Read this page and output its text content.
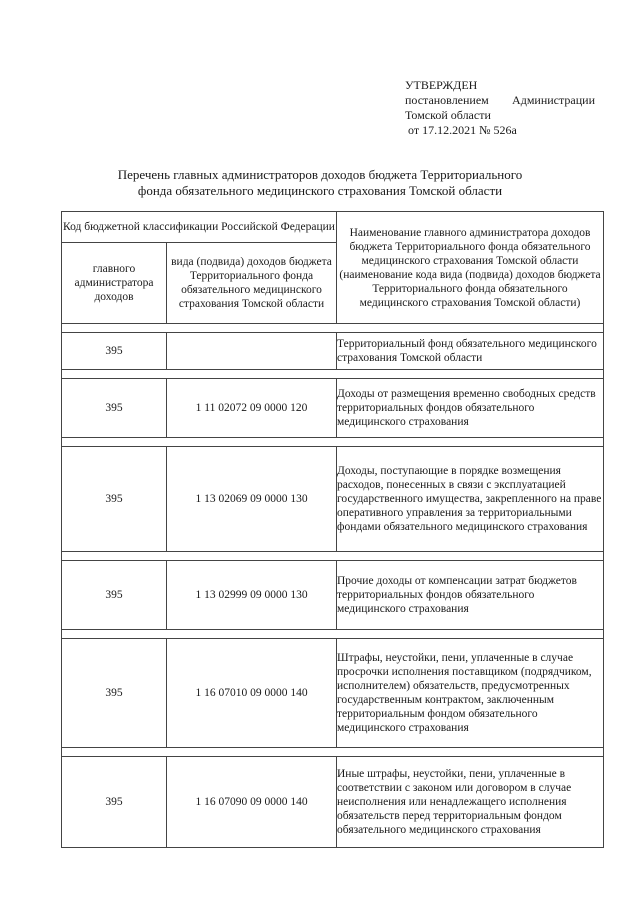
УТВЕРЖДЕН
постановлением Администрации
Томской области
от 17.12.2021 № 526а
Перечень главных администраторов доходов бюджета Территориального
фонда обязательного медицинского страхования Томской области
Код бюджетной классификации Российской Федерации		Наименование главного администратора доходов бюджета Территориального фонда обязательного медицинского страхования Томской области (наименование кода вида (подвида) доходов бюджета Территориального фонда обязательного медицинского страхования Томской области)
главного администратора доходов	вида (подвида) доходов бюджета Территориального фонда обязательного медицинского страхования Томской области	

395		Территориальный фонд обязательного медицинского страхования Томской области

395	1 11 02072 09 0000 120	Доходы от размещения временно свободных средств территориальных фондов обязательного медицинского страхования

395	1 13 02069 09 0000 130	Доходы, поступающие в порядке возмещения расходов, понесенных в связи с эксплуатацией государственного имущества, закрепленного на праве оперативного управления за территориальными фондами обязательного медицинского страхования

395	1 13 02999 09 0000 130	Прочие доходы от компенсации затрат бюджетов территориальных фондов обязательного медицинского страхования

395	1 16 07010 09 0000 140	Штрафы, неустойки, пени, уплаченные в случае просрочки исполнения поставщиком (подрядчиком, исполнителем) обязательств, предусмотренных государственным контрактом, заключенным территориальным фондом обязательного медицинского страхования

395	1 16 07090 09 0000 140	Иные штрафы, неустойки, пени, уплаченные в соответствии с законом или договором в случае неисполнения или ненадлежащего исполнения обязательств перед территориальным фондом обязательного медицинского страхования
